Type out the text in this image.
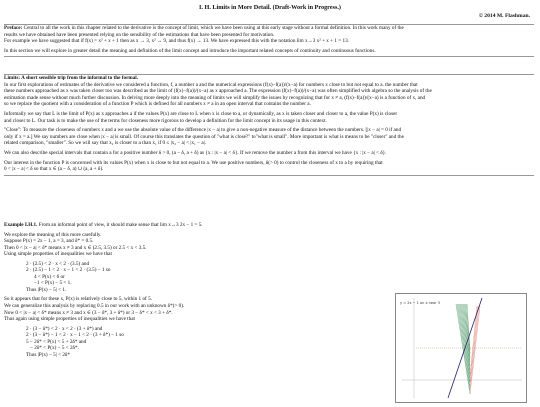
I. H. Limits in More Detail. (Draft-Work in Progress.)
© 2014 M. Flashman.

Preface: Central to all the work in this chapter related to the derivative is the concept of limit, which we have been using at this early stage without a formal definition. In this work many of the

results we have obtained have been presented relying on the sensibility of the estimations that have been presented for motivation.

For example we have suggested that if f(x) = x² + x + 1 then as x → 3, x² → 9, and thus f(x) → 13. We have expressed this with the notation lim x→3 x² + x + 1 = 13.

In this section we will explore in greater detail the meaning and definition of the limit concept and introduce the important related concepts of continuity and continuous functions.

Limits: A short sensible trip from the informal to the formal.

In our first explorations of estimates of the derivative we considered a function, f, a number a and the numerical expressions (f(x)−f(a))/(x−a) for numbers x close to but not equal to a. the number that

these numbers approached as x was taken closer too was described as the limit of (f(x)−f(a))/(x−a) as x approached a. The expression (f(x)−f(a))/(x−a) was often simplified with algebra so the analysis of the

estimation made sense without much further discussion. In delving more deeply into the meaning of limits we will simplify the issues by recognizing that for x ≠ a, (f(x)−f(a))/(x−a) is a function of x, and

so we replace the quotient with a consideration of a function P which is defined for all numbers x ≠ a in an open interval that contains the number a.

Informally we say that L is the limit of P(x) as x approaches a if the values P(x) are close to L when x is close to a, or dynamically, as x is taken closer and closer to a, the value P(x) is closer

and closer to L. Our task is to make the use of the terms for closeness more rigorous to develop a definition for the limit concept in its usage in this context.

"Close": To measure the closeness of numbers x and a we use the absolute value of the difference |x − a| to give a non-negative measure of the distance between the numbers. [|x − a| = 0 if and

only if x = a.] We say numbers are close when |x − a| is small. Of course this translates the question of "what is close?" to"what is small". More important is what is means to be "closer" and the

related comparison, "smaller". So we will say that x₂ is closer to a than x₁ if 0 ≤ |x₂ − a| < |x₁ − a|.

We can also describe special intervals that contain a for a positive number δ > 0, (a − δ, a + δ) as {x : |x − a| < δ}. If we remove the number a from this interval we have {x : |x − a| < δ}.

Our interest in the function P is concerned with its values P(x) when x is close to but not equal to a. We use positive numbers, δ(> 0) to control the closeness of x to a by requiring that

0 < |x − a| < δ so that x ∈ (a − δ, a) ∪ (a, a + δ).

Example I.H.1. From an informal point of view, it should make sense that lim x→3 2x − 1 = 5.

We explore the meaning of this more carefully.

Suppose P(x) = 2x − 1, a = 3, and δ* = 0.5.

Then 0 < |x − a| < δ* means x ≠ 3 and x ∈ (2.5, 3.5) or 2.5 < x < 3.5.

Using simple properties of inequalities we have that

2 · (2.5) < 2 · x < 2 · (3.5) and

2 · (2.5) − 1 < 2 · x − 1 < 2 · (3.5) − 1 so

4 < P(x) < 6 or

−1 < P(x) − 5 < 1.

Thus |P(x) − 5| < 1.

So it appears that for these x, P(x) is relatively close to 5, within 1 of 5.

We can generalize this analysis by replacing 0.5 in our work with an unknown δ*(> 0).

Now 0 < |x − a| < δ* means x ≠ 3 and x ∈ (3 − δ*, 3 + δ*) or 3 − δ* < x < 3 + δ*.

Thus again using simple properties of inequalities we have that

2 · (3 − δ*) < 2 · x < 2 · (3 + δ*) and

2 · (3 − δ*) − 1 < 2 · x − 1 < 2 · (3 + δ*) − 1 so

5 − 2δ* < P(x) < 5 + 2δ* and

− 2δ* < P(x) − 5 < 2δ*.

Thus |P(x) − 5| < 2δ*

y = 2x − 1 on x near 3
